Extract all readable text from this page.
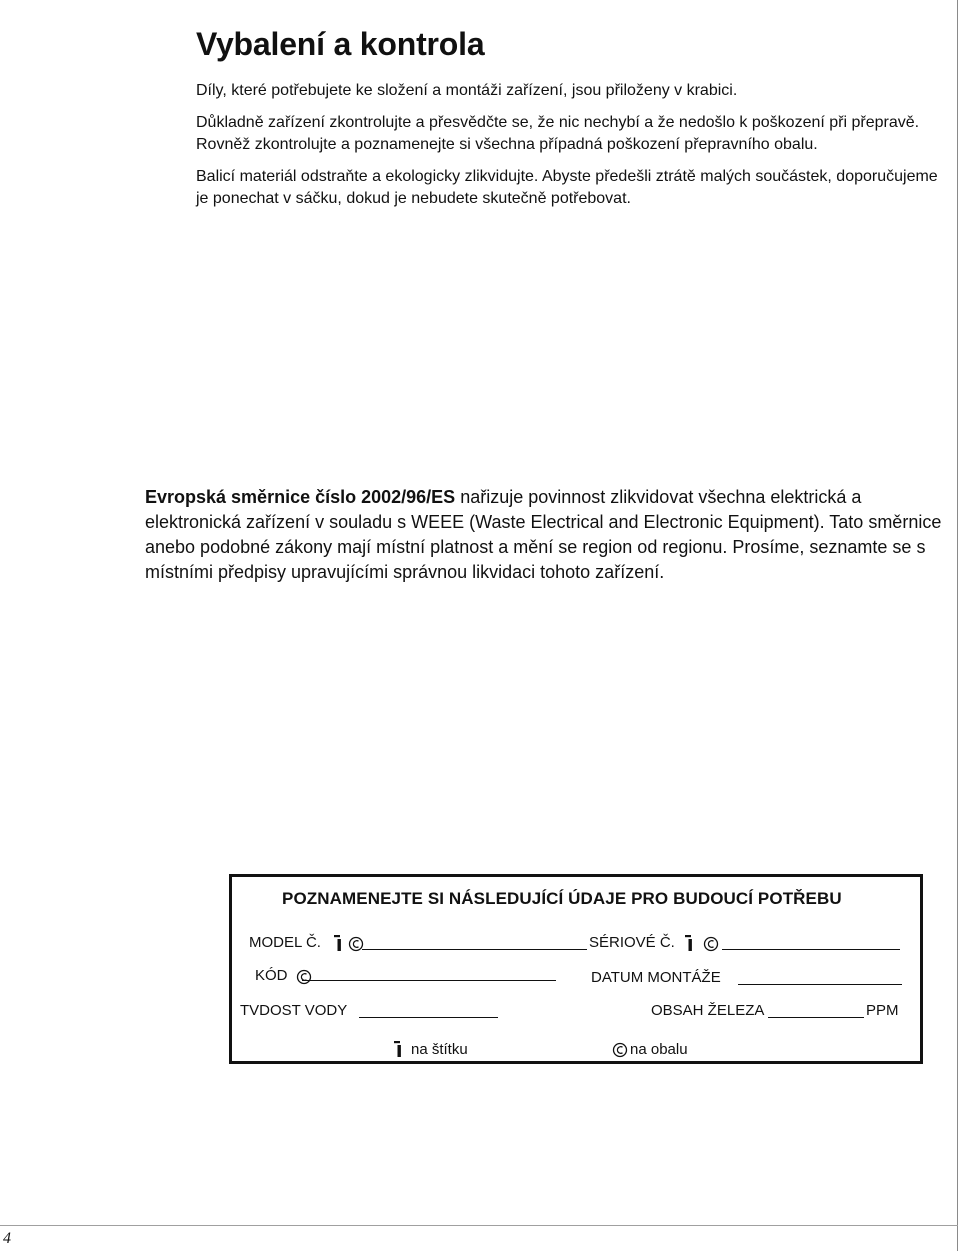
Vybalení a kontrola

Díly, které potřebujete ke složení a montáži zařízení, jsou přiloženy v krabici.

Důkladně zařízení zkontrolujte a přesvědčte se, že nic nechybí a že nedošlo k poškození při přepravě. Rovněž zkontrolujte a poznamenejte si všechna případná poškození přepravního obalu.

Balicí materiál odstraňte a ekologicky zlikvidujte. Abyste předešli ztrátě malých součástek, doporučujeme je ponechat v sáčku, dokud je nebudete skutečně potřebovat.

Evropská směrnice číslo 2002/96/ES nařizuje povinnost zlikvidovat všechna elektrická a elektronická zařízení v souladu s WEEE (Waste Electrical and Electronic Equipment). Tato směrnice anebo podobné zákony mají místní platnost a mění se region od regionu. Prosíme, seznamte se s místními předpisy upravujícími správnou likvidaci tohoto zařízení.

POZNAMENEJTE SI NÁSLEDUJÍCÍ ÚDAJE PRO BUDOUCÍ POTŘEBU
MODEL Č.	SÉRIOVÉ Č.
KÓD	DATUM MONTÁŽE
TVDOST VODY	OBSAH ŽELEZA	PPM
na štítku	na obalu
4
